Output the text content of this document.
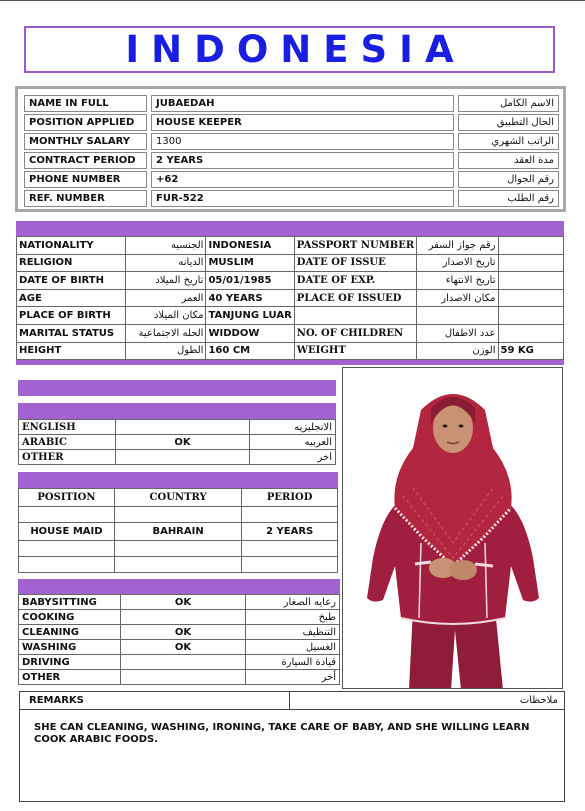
INDONESIA
NAME IN FULL	JUBAEDAH	الاسم الكامل
POSITION APPLIED	HOUSE KEEPER	الحال التطبيق
MONTHLY SALARY	1300	الراتب الشهري
CONTRACT PERIOD	2 YEARS	مدة العقد
PHONE NUMBER	+62	رقم الجوال
REF. NUMBER	FUR-522	رقم الطلب
NATIONALITY	الجنسيه	INDONESIA	PASSPORT NUMBER	رقم جواز السفر	
RELIGION	الديانه	MUSLIM	DATE OF ISSUE	تاريخ الاصدار	
DATE OF BIRTH	تاريخ الميلاد	05/01/1985	DATE OF EXP.	تاريخ الانتهاء	
AGE	العمر	40 YEARS	PLACE OF ISSUED	مكان الاصدار	
PLACE OF BIRTH	مكان الميلاد	TANJUNG LUAR			
MARITAL STATUS	الحله الاجتماعية	WIDDOW	NO. OF CHILDREN	عدد الاطفال	
HEIGHT	الطول	160 CM	WEIGHT	الوزن	59 KG
ENGLISH		الانجليزيه
ARABIC	OK	العربيه
OTHER		اخر
POSITION	COUNTRY	PERIOD

HOUSE MAID	BAHRAIN	2 YEARS

BABYSITTING	OK	رعايه الصغار
COOKING		طبخ
CLEANING	OK	التنظيف
WASHING	OK	الغسيل
DRIVING		قيادة السيارة
OTHER		أخر
REMARKS	ملاحظات
SHE CAN CLEANING, WASHING, IRONING, TAKE CARE OF BABY, AND SHE WILLING LEARN COOK ARABIC FOODS.
